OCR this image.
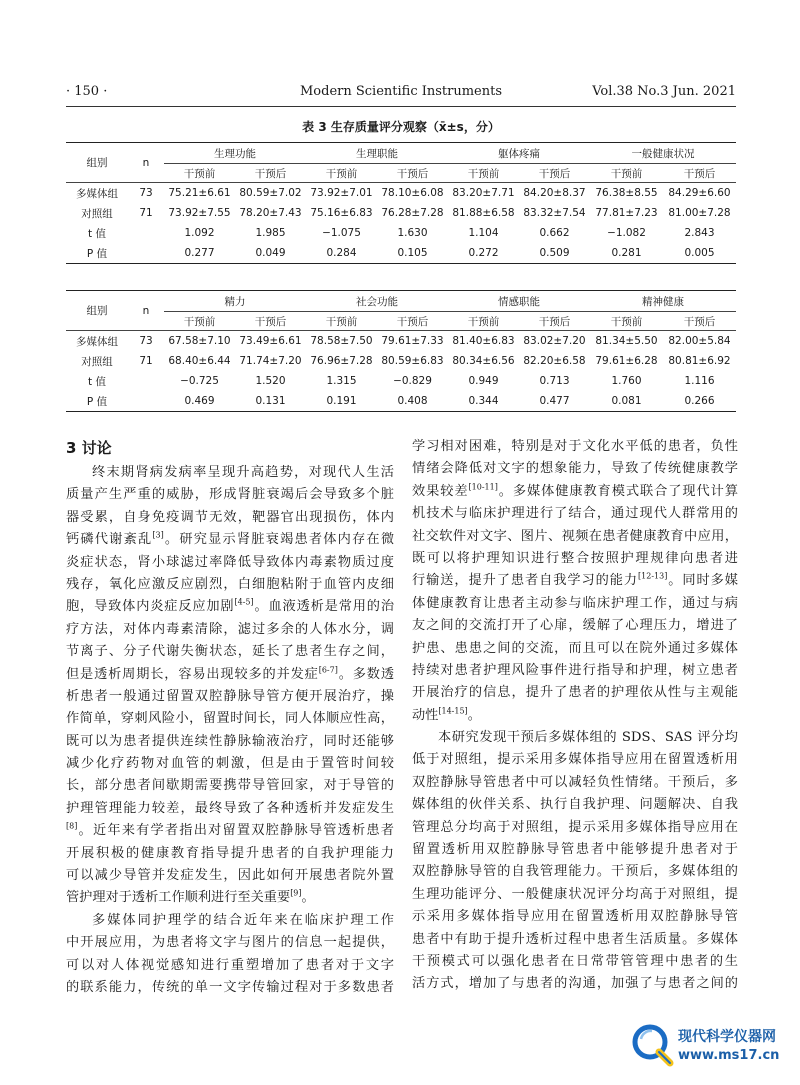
· 150 ·	Modern Scientific Instruments	Vol.38 No.3 Jun. 2021
表 3 生存质量评分观察（x̄±s，分）
组别	n	生理功能		生理职能		躯体疼痛		一般健康状况	
		干预前	干预后	干预前	干预后	干预前	干预后	干预前	干预后
多媒体组	73	75.21±6.61	80.59±7.02	73.92±7.01	78.10±6.08	83.20±7.71	84.20±8.37	76.38±8.55	84.29±6.60
对照组	71	73.92±7.55	78.20±7.43	75.16±6.83	76.28±7.28	81.88±6.58	83.32±7.54	77.81±7.23	81.00±7.28
t 值		1.092	1.985	−1.075	1.630	1.104	0.662	−1.082	2.843
P 值		0.277	0.049	0.284	0.105	0.272	0.509	0.281	0.005
组别	n	精力		社会功能		情感职能		精神健康	
		干预前	干预后	干预前	干预后	干预前	干预后	干预前	干预后
多媒体组	73	67.58±7.10	73.49±6.61	78.58±7.50	79.61±7.33	81.40±6.83	83.02±7.20	81.34±5.50	82.00±5.84
对照组	71	68.40±6.44	71.74±7.20	76.96±7.28	80.59±6.83	80.34±6.56	82.20±6.58	79.61±6.28	80.81±6.92
t 值		−0.725	1.520	1.315	−0.829	0.949	0.713	1.760	1.116
P 值		0.469	0.131	0.191	0.408	0.344	0.477	0.081	0.266
3 讨论
终末期肾病发病率呈现升高趋势，对现代人生活
质量产生严重的威胁，形成肾脏衰竭后会导致多个脏
器受累，自身免疫调节无效，靶器官出现损伤，体内
钙磷代谢紊乱[3]。研究显示肾脏衰竭患者体内存在微
炎症状态，肾小球滤过率降低导致体内毒素物质过度
残存，氧化应激反应剧烈，白细胞粘附于血管内皮细
胞，导致体内炎症反应加剧[4-5]。血液透析是常用的治
疗方法，对体内毒素清除，滤过多余的人体水分，调
节离子、分子代谢失衡状态，延长了患者生存之间，
但是透析周期长，容易出现较多的并发症[6-7]。多数透
析患者一般通过留置双腔静脉导管方便开展治疗，操
作简单，穿刺风险小，留置时间长，同人体顺应性高，
既可以为患者提供连续性静脉输液治疗，同时还能够
减少化疗药物对血管的刺激，但是由于置管时间较
长，部分患者间歇期需要携带导管回家，对于导管的
护理管理能力较差，最终导致了各种透析并发症发生
[8]。近年来有学者指出对留置双腔静脉导管透析患者
开展积极的健康教育指导提升患者的自我护理能力
可以减少导管并发症发生，因此如何开展患者院外置
管护理对于透析工作顺利进行至关重要[9]。
多媒体同护理学的结合近年来在临床护理工作
中开展应用，为患者将文字与图片的信息一起提供，
可以对人体视觉感知进行重塑增加了患者对于文字
的联系能力，传统的单一文字传输过程对于多数患者
学习相对困难，特别是对于文化水平低的患者，负性
情绪会降低对文字的想象能力，导致了传统健康教学
效果较差[10-11]。多媒体健康教育模式联合了现代计算
机技术与临床护理进行了结合，通过现代人群常用的
社交软件对文字、图片、视频在患者健康教育中应用，
既可以将护理知识进行整合按照护理规律向患者进
行输送，提升了患者自我学习的能力[12-13]。同时多媒
体健康教育让患者主动参与临床护理工作，通过与病
友之间的交流打开了心扉，缓解了心理压力，增进了
护患、患患之间的交流，而且可以在院外通过多媒体
持续对患者护理风险事件进行指导和护理，树立患者
开展治疗的信息，提升了患者的护理依从性与主观能
动性[14-15]。
本研究发现干预后多媒体组的 SDS、SAS 评分均
低于对照组，提示采用多媒体指导应用在留置透析用
双腔静脉导管患者中可以减轻负性情绪。干预后，多
媒体组的伙伴关系、执行自我护理、问题解决、自我
管理总分均高于对照组，提示采用多媒体指导应用在
留置透析用双腔静脉导管患者中能够提升患者对于
双腔静脉导管的自我管理能力。干预后，多媒体组的
生理功能评分、一般健康状况评分均高于对照组，提
示采用多媒体指导应用在留置透析用双腔静脉导管
患者中有助于提升透析过程中患者生活质量。多媒体
干预模式可以强化患者在日常带管管理中患者的生
活方式，增加了与患者的沟通，加强了与患者之间的
现代科学仪器网
www.ms17.cn
